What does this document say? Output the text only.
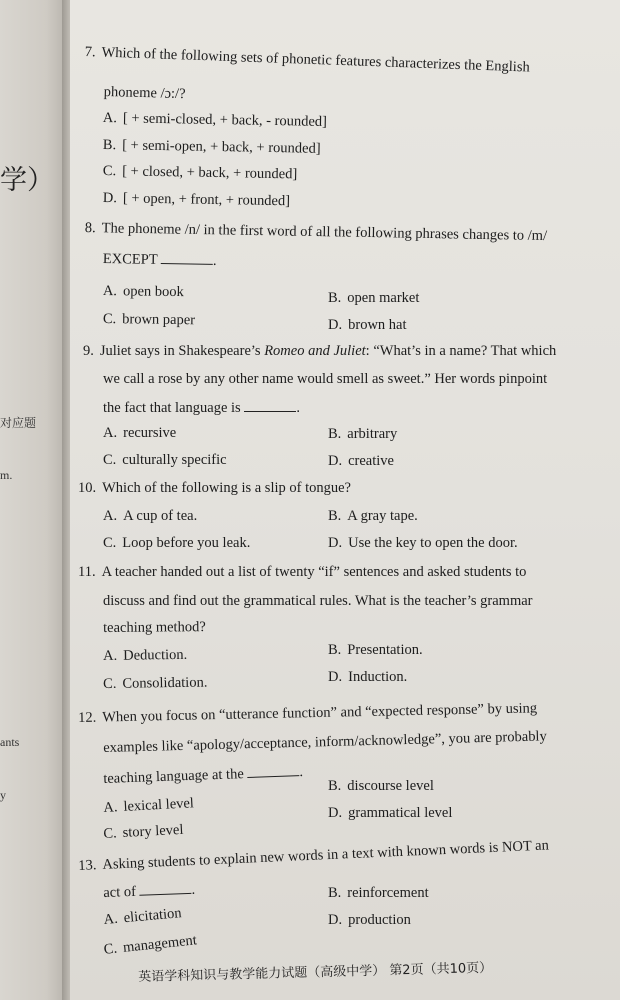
学）
对应题
m.
ants
y
7. Which of the following sets of phonetic features characterizes the English
phoneme /ɔ:/?
A. [ + semi-closed, + back, - rounded]
B. [ + semi-open, + back, + rounded]
C. [ + closed, + back, + rounded]
D. [ + open, + front, + rounded]
8. The phoneme /n/ in the first word of all the following phrases changes to /m/
EXCEPT	.
A. open book	B. open market
C. brown paper	D. brown hat
9. Juliet says in Shakespeare’s Romeo and Juliet: “What’s in a name? That which
we call a rose by any other name would smell as sweet.” Her words pinpoint
the fact that language is	.
A. recursive	B. arbitrary
C. culturally specific	D. creative
10. Which of the following is a slip of tongue?
A. A cup of tea.	B. A gray tape.
C. Loop before you leak.	D. Use the key to open the door.
11. A teacher handed out a list of twenty “if” sentences and asked students to
discuss and find out the grammatical rules. What is the teacher’s grammar
teaching method?
A. Deduction.	B. Presentation.
C. Consolidation.	D. Induction.
12. When you focus on “utterance function” and “expected response” by using
examples like “apology/acceptance, inform/acknowledge”, you are probably
teaching language at the	.
A. lexical level
B. discourse level
C. story level
D. grammatical level
13. Asking students to explain new words in a text with known words is NOT an
act of	.
A. elicitation
B. reinforcement
C. management
D. production
英语学科知识与教学能力试题（高级中学） 第2页（共10页）
